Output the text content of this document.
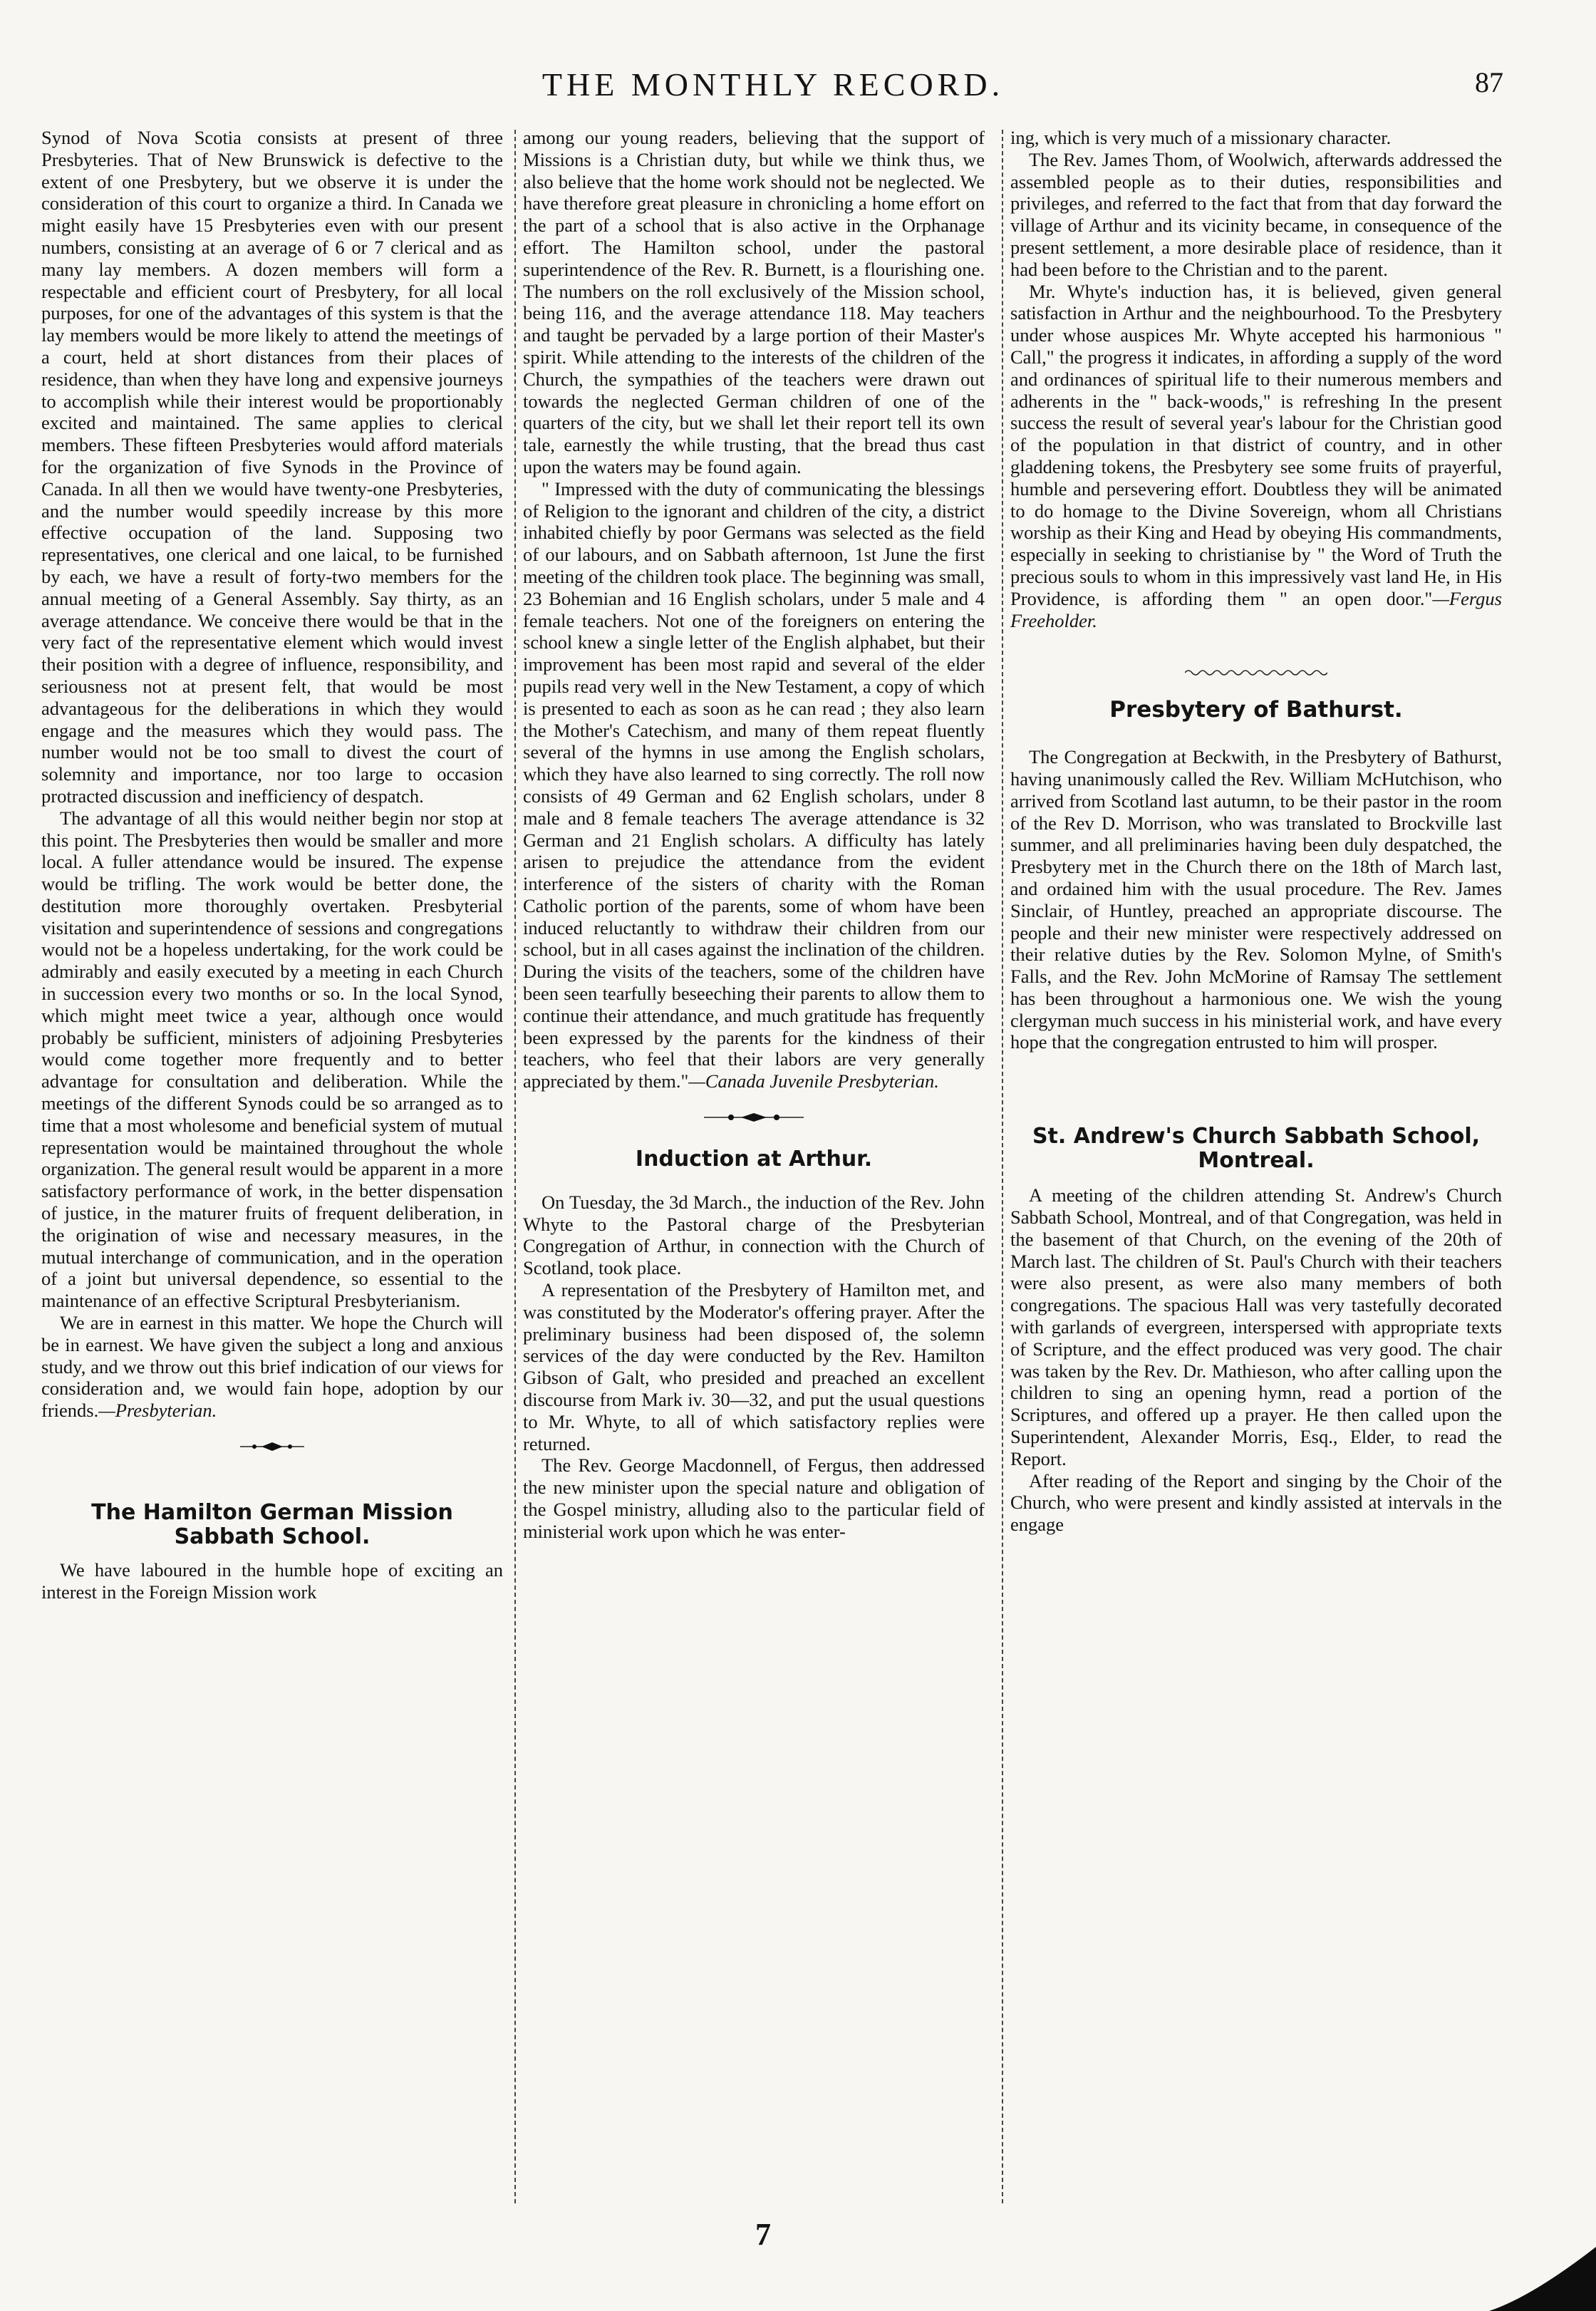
THE MONTHLY RECORD.	87

Synod of Nova Scotia consists at present of three Presbyteries. That of New Brunswick is defective to the extent of one Presbytery, but we observe it is under the consideration of this court to organize a third. In Canada we might easily have 15 Presbyteries even with our present numbers, consisting at an average of 6 or 7 clerical and as many lay members. A dozen members will form a respectable and efficient court of Presbytery, for all local purposes, for one of the advantages of this system is that the lay members would be more likely to attend the meetings of a court, held at short distances from their places of residence, than when they have long and expensive journeys to accomplish while their interest would be proportionably excited and maintained. The same applies to clerical members. These fifteen Presbyteries would afford materials for the organization of five Synods in the Province of Canada. In all then we would have twenty-one Presbyteries, and the number would speedily increase by this more effective occupation of the land. Supposing two representatives, one clerical and one laical, to be furnished by each, we have a result of forty-two members for the annual meeting of a General Assembly. Say thirty, as an average attendance. We conceive there would be that in the very fact of the representative element which would invest their position with a degree of influence, responsibility, and seriousness not at present felt, that would be most advantageous for the deliberations in which they would engage and the measures which they would pass. The number would not be too small to divest the court of solemnity and importance, nor too large to occasion protracted discussion and inefficiency of despatch.

The advantage of all this would neither begin nor stop at this point. The Presbyteries then would be smaller and more local. A fuller attendance would be insured. The expense would be trifling. The work would be better done, the destitution more thoroughly overtaken. Presbyterial visitation and superintendence of sessions and congregations would not be a hopeless undertaking, for the work could be admirably and easily executed by a meeting in each Church in succession every two months or so. In the local Synod, which might meet twice a year, although once would probably be sufficient, ministers of adjoining Presbyteries would come together more frequently and to better advantage for consultation and deliberation. While the meetings of the different Synods could be so arranged as to time that a most wholesome and beneficial system of mutual representation would be maintained throughout the whole organization. The general result would be apparent in a more satisfactory performance of work, in the better dispensation of justice, in the maturer fruits of frequent deliberation, in the origination of wise and necessary measures, in the mutual interchange of communication, and in the operation of a joint but universal dependence, so essential to the maintenance of an effective Scriptural Presbyterianism.

We are in earnest in this matter. We hope the Church will be in earnest. We have given the subject a long and anxious study, and we throw out this brief indication of our views for consideration and, we would fain hope, adoption by our friends.—Presbyterian.

The Hamilton German Mission Sabbath School.

We have laboured in the humble hope of exciting an interest in the Foreign Mission work

among our young readers, believing that the support of Missions is a Christian duty, but while we think thus, we also believe that the home work should not be neglected. We have therefore great pleasure in chronicling a home effort on the part of a school that is also active in the Orphanage effort. The Hamilton school, under the pastoral superintendence of the Rev. R. Burnett, is a flourishing one. The numbers on the roll exclusively of the Mission school, being 116, and the average attendance 118. May teachers and taught be pervaded by a large portion of their Master's spirit. While attending to the interests of the children of the Church, the sympathies of the teachers were drawn out towards the neglected German children of one of the quarters of the city, but we shall let their report tell its own tale, earnestly the while trusting, that the bread thus cast upon the waters may be found again.

" Impressed with the duty of communicating the blessings of Religion to the ignorant and children of the city, a district inhabited chiefly by poor Germans was selected as the field of our labours, and on Sabbath afternoon, 1st June the first meeting of the children took place. The beginning was small, 23 Bohemian and 16 English scholars, under 5 male and 4 female teachers. Not one of the foreigners on entering the school knew a single letter of the English alphabet, but their improvement has been most rapid and several of the elder pupils read very well in the New Testament, a copy of which is presented to each as soon as he can read ; they also learn the Mother's Catechism, and many of them repeat fluently several of the hymns in use among the English scholars, which they have also learned to sing correctly. The roll now consists of 49 German and 62 English scholars, under 8 male and 8 female teachers The average attendance is 32 German and 21 English scholars. A difficulty has lately arisen to prejudice the attendance from the evident interference of the sisters of charity with the Roman Catholic portion of the parents, some of whom have been induced reluctantly to withdraw their children from our school, but in all cases against the inclination of the children. During the visits of the teachers, some of the children have been seen tearfully beseeching their parents to allow them to continue their attendance, and much gratitude has frequently been expressed by the parents for the kindness of their teachers, who feel that their labors are very generally appreciated by them."—Canada Juvenile Presbyterian.

Induction at Arthur.

On Tuesday, the 3d March., the induction of the Rev. John Whyte to the Pastoral charge of the Presbyterian Congregation of Arthur, in connection with the Church of Scotland, took place.

A representation of the Presbytery of Hamilton met, and was constituted by the Moderator's offering prayer. After the preliminary business had been disposed of, the solemn services of the day were conducted by the Rev. Hamilton Gibson of Galt, who presided and preached an excellent discourse from Mark iv. 30—32, and put the usual questions to Mr. Whyte, to all of which satisfactory replies were returned.

The Rev. George Macdonnell, of Fergus, then addressed the new minister upon the special nature and obligation of the Gospel ministry, alluding also to the particular field of ministerial work upon which he was enter-

ing, which is very much of a missionary character.

The Rev. James Thom, of Woolwich, afterwards addressed the assembled people as to their duties, responsibilities and privileges, and referred to the fact that from that day forward the village of Arthur and its vicinity became, in consequence of the present settlement, a more desirable place of residence, than it had been before to the Christian and to the parent.

Mr. Whyte's induction has, it is believed, given general satisfaction in Arthur and the neighbourhood. To the Presbytery under whose auspices Mr. Whyte accepted his harmonious " Call," the progress it indicates, in affording a supply of the word and ordinances of spiritual life to their numerous members and adherents in the " back-woods," is refreshing In the present success the result of several year's labour for the Christian good of the population in that district of country, and in other gladdening tokens, the Presbytery see some fruits of prayerful, humble and persevering effort. Doubtless they will be animated to do homage to the Divine Sovereign, whom all Christians worship as their King and Head by obeying His commandments, especially in seeking to christianise by " the Word of Truth the precious souls to whom in this impressively vast land He, in His Providence, is affording them " an open door."—Fergus Freeholder.

Presbytery of Bathurst.

The Congregation at Beckwith, in the Presbytery of Bathurst, having unanimously called the Rev. William McHutchison, who arrived from Scotland last autumn, to be their pastor in the room of the Rev D. Morrison, who was translated to Brockville last summer, and all preliminaries having been duly despatched, the Presbytery met in the Church there on the 18th of March last, and ordained him with the usual procedure. The Rev. James Sinclair, of Huntley, preached an appropriate discourse. The people and their new minister were respectively addressed on their relative duties by the Rev. Solomon Mylne, of Smith's Falls, and the Rev. John McMorine of Ramsay The settlement has been throughout a harmonious one. We wish the young clergyman much success in his ministerial work, and have every hope that the congregation entrusted to him will prosper.

St. Andrew's Church Sabbath School, Montreal.

A meeting of the children attending St. Andrew's Church Sabbath School, Montreal, and of that Congregation, was held in the basement of that Church, on the evening of the 20th of March last. The children of St. Paul's Church with their teachers were also present, as were also many members of both congregations. The spacious Hall was very tastefully decorated with garlands of evergreen, interspersed with appropriate texts of Scripture, and the effect produced was very good. The chair was taken by the Rev. Dr. Mathieson, who after calling upon the children to sing an opening hymn, read a portion of the Scriptures, and offered up a prayer. He then called upon the Superintendent, Alexander Morris, Esq., Elder, to read the Report.

After reading of the Report and singing by the Choir of the Church, who were present and kindly assisted at intervals in the engage

7
